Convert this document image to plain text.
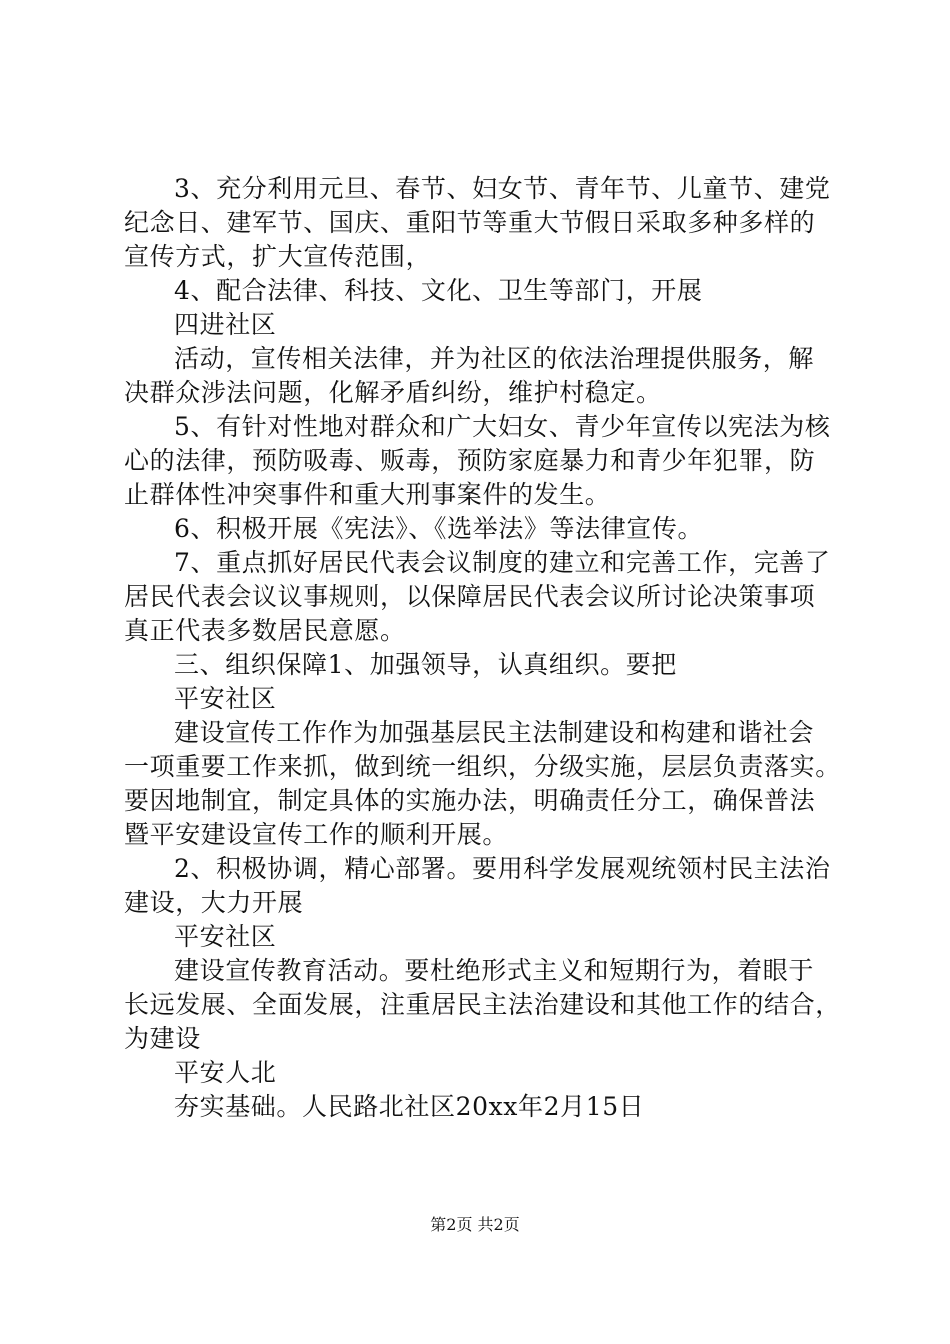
3、充分利用元旦、春节、妇女节、青年节、儿童节、建党
纪念日、建军节、国庆、重阳节等重大节假日采取多种多样的
宣传方式，扩大宣传范围，
4、配合法律、科技、文化、卫生等部门，开展
四进社区
活动，宣传相关法律，并为社区的依法治理提供服务，解
决群众涉法问题，化解矛盾纠纷，维护村稳定。
5、有针对性地对群众和广大妇女、青少年宣传以宪法为核
心的法律，预防吸毒、贩毒，预防家庭暴力和青少年犯罪，防
止群体性冲突事件和重大刑事案件的发生。
6、积极开展《宪法》、《选举法》等法律宣传。
7、重点抓好居民代表会议制度的建立和完善工作，完善了
居民代表会议议事规则，以保障居民代表会议所讨论决策事项
真正代表多数居民意愿。
三、组织保障1、加强领导，认真组织。要把
平安社区
建设宣传工作作为加强基层民主法制建设和构建和谐社会
一项重要工作来抓，做到统一组织，分级实施，层层负责落实。
要因地制宜，制定具体的实施办法，明确责任分工，确保普法
暨平安建设宣传工作的顺利开展。
2、积极协调，精心部署。要用科学发展观统领村民主法治
建设，大力开展
平安社区
建设宣传教育活动。要杜绝形式主义和短期行为，着眼于
长远发展、全面发展，注重居民主法治建设和其他工作的结合，
为建设
平安人北
夯实基础。人民路北社区20xx年2月15日
第2页 共2页
